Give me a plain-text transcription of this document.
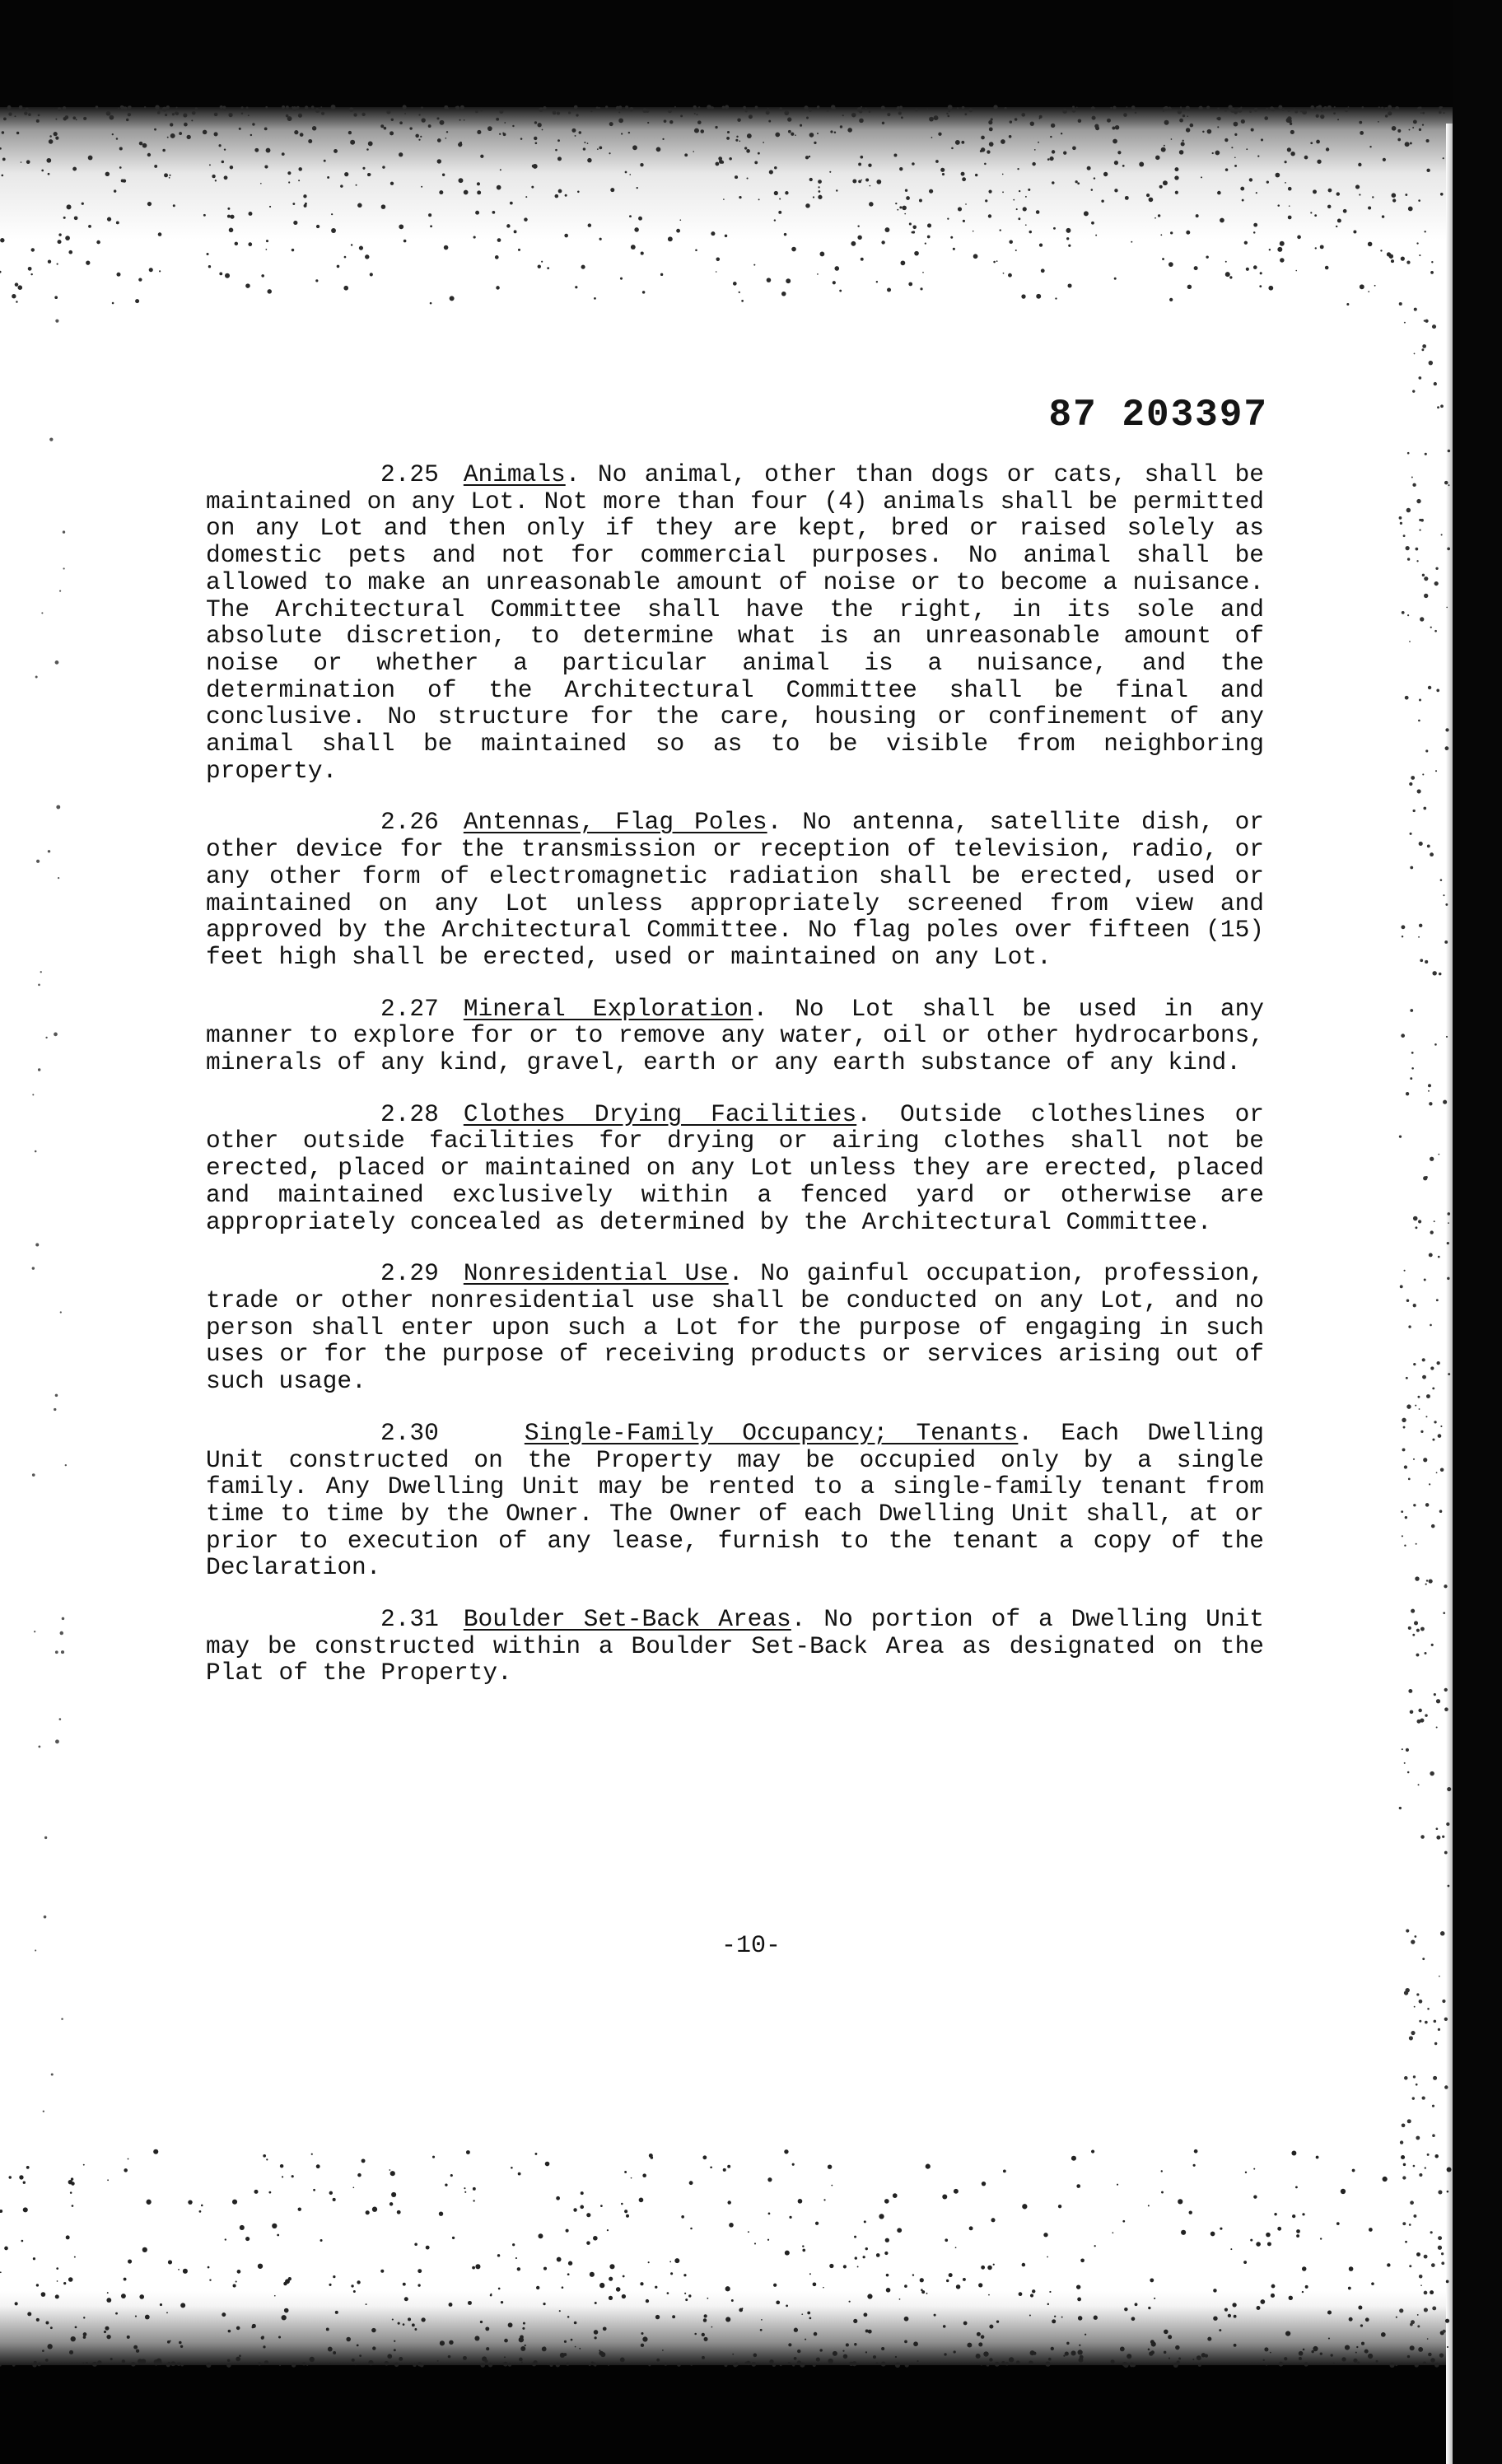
87 203397

2.25 Animals. No animal, other than dogs or cats, shall be maintained on any Lot. Not more than four (4) animals shall be permitted on any Lot and then only if they are kept, bred or raised solely as domestic pets and not for commercial purposes. No animal shall be allowed to make an unreasonable amount of noise or to become a nuisance. The Architectural Committee shall have the right, in its sole and absolute discretion, to determine what is an unreasonable amount of noise or whether a particular animal is a nuisance, and the determination of the Architectural Committee shall be final and conclusive. No structure for the care, housing or confinement of any animal shall be maintained so as to be visible from neighboring property.

2.26 Antennas, Flag Poles. No antenna, satellite dish, or other device for the transmission or reception of television, radio, or any other form of electromagnetic radiation shall be erected, used or maintained on any Lot unless appropriately screened from view and approved by the Architectural Committee. No flag poles over fifteen (15) feet high shall be erected, used or maintained on any Lot.

2.27 Mineral Exploration. No Lot shall be used in any manner to explore for or to remove any water, oil or other hydrocarbons, minerals of any kind, gravel, earth or any earth substance of any kind.

2.28 Clothes Drying Facilities. Outside clotheslines or other outside facilities for drying or airing clothes shall not be erected, placed or maintained on any Lot unless they are erected, placed and maintained exclusively within a fenced yard or otherwise are appropriately concealed as determined by the Architectural Committee.

2.29 Nonresidential Use. No gainful occupation, profession, trade or other nonresidential use shall be conducted on any Lot, and no person shall enter upon such a Lot for the purpose of engaging in such uses or for the purpose of receiving products or services arising out of such usage.

2.30	Single-Family Occupancy; Tenants. Each Dwelling Unit constructed on the Property may be occupied only by a single family. Any Dwelling Unit may be rented to a single-family tenant from time to time by the Owner. The Owner of each Dwelling Unit shall, at or prior to execution of any lease, furnish to the tenant a copy of the Declaration.

2.31 Boulder Set-Back Areas. No portion of a Dwelling Unit may be constructed within a Boulder Set-Back Area as designated on the Plat of the Property.

-10-
